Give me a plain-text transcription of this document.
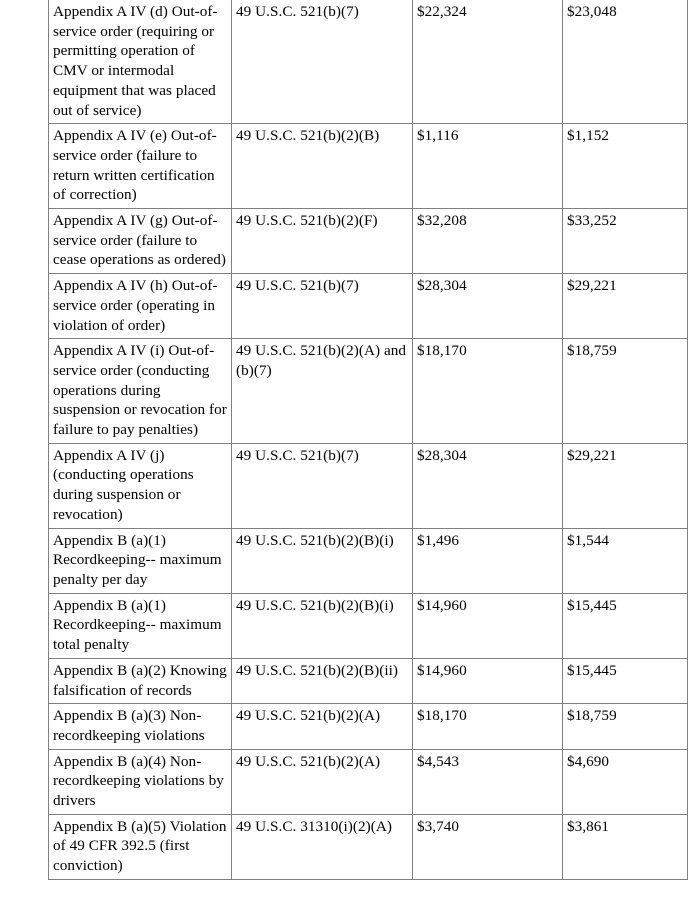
Appendix A IV (d) Out-of-service order (requiring or permitting operation of CMV or intermodal equipment that was placed out of service)	49 U.S.C. 521(b)(7)	$22,324	$23,048

Appendix A IV (e) Out-of-service order (failure to return written certification of correction)	49 U.S.C. 521(b)(2)(B)	$1,116	$1,152

Appendix A IV (g) Out-of-service order (failure to cease operations as ordered)	49 U.S.C. 521(b)(2)(F)	$32,208	$33,252

Appendix A IV (h) Out-of-service order (operating in violation of order)	49 U.S.C. 521(b)(7)	$28,304	$29,221

Appendix A IV (i) Out-of-service order (conducting operations during suspension or revocation for failure to pay penalties)	49 U.S.C. 521(b)(2)(A) and (b)(7)	$18,170	$18,759

Appendix A IV (j) (conducting operations during suspension or revocation)	49 U.S.C. 521(b)(7)	$28,304	$29,221

Appendix B (a)(1) Recordkeeping-- maximum penalty per day	49 U.S.C. 521(b)(2)(B)(i)	$1,496	$1,544

Appendix B (a)(1) Recordkeeping-- maximum total penalty	49 U.S.C. 521(b)(2)(B)(i)	$14,960	$15,445

Appendix B (a)(2) Knowing falsification of records	49 U.S.C. 521(b)(2)(B)(ii)	$14,960	$15,445

Appendix B (a)(3) Non-recordkeeping violations	49 U.S.C. 521(b)(2)(A)	$18,170	$18,759

Appendix B (a)(4) Non-recordkeeping violations by drivers	49 U.S.C. 521(b)(2)(A)	$4,543	$4,690

Appendix B (a)(5) Violation of 49 CFR 392.5 (first conviction)	49 U.S.C. 31310(i)(2)(A)	$3,740	$3,861
